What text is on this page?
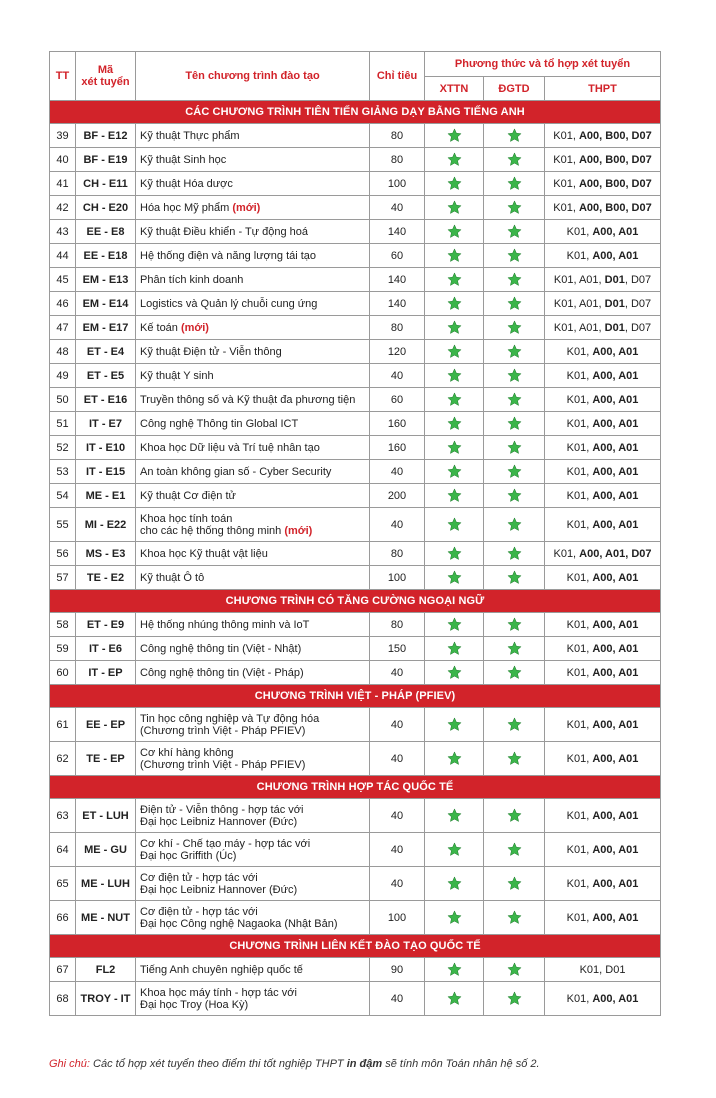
TT	Mã
xét tuyển	Tên chương trình đào tạo	Chỉ tiêu	Phương thức và tổ hợp xét tuyển		
				XTTN	ĐGTD	THPT
CÁC CHƯƠNG TRÌNH TIÊN TIẾN GIẢNG DẠY BẰNG TIẾNG ANH						
39	BF - E12	Kỹ thuật Thực phẩm	80			K01, A00, B00, D07
40	BF - E19	Kỹ thuật Sinh học	80			K01, A00, B00, D07
41	CH - E11	Kỹ thuật Hóa dược	100			K01, A00, B00, D07
42	CH - E20	Hóa học Mỹ phẩm (mới)	40			K01, A00, B00, D07
43	EE - E8	Kỹ thuật Điều khiển - Tự động hoá	140			K01, A00, A01
44	EE - E18	Hệ thống điện và năng lượng tái tạo	60			K01, A00, A01
45	EM - E13	Phân tích kinh doanh	140			K01, A01, D01, D07
46	EM - E14	Logistics và Quản lý chuỗi cung ứng	140			K01, A01, D01, D07
47	EM - E17	Kế toán (mới)	80			K01, A01, D01, D07
48	ET - E4	Kỹ thuật Điện tử - Viễn thông	120			K01, A00, A01
49	ET - E5	Kỹ thuật Y sinh	40			K01, A00, A01
50	ET - E16	Truyền thông số và Kỹ thuật đa phương tiện	60			K01, A00, A01
51	IT - E7	Công nghệ Thông tin Global ICT	160			K01, A00, A01
52	IT - E10	Khoa học Dữ liệu và Trí tuệ nhân tạo	160			K01, A00, A01
53	IT - E15	An toàn không gian số - Cyber Security	40			K01, A00, A01
54	ME - E1	Kỹ thuật Cơ điện tử	200			K01, A00, A01
55	MI - E22	Khoa học tính toán
cho các hệ thống thông minh (mới)	40			K01, A00, A01
56	MS - E3	Khoa học Kỹ thuật vật liệu	80			K01, A00, A01, D07
57	TE - E2	Kỹ thuật Ô tô	100			K01, A00, A01
CHƯƠNG TRÌNH CÓ TĂNG CƯỜNG NGOẠI NGỮ						
58	ET - E9	Hệ thống nhúng thông minh và IoT	80			K01, A00, A01
59	IT - E6	Công nghệ thông tin (Việt - Nhật)	150			K01, A00, A01
60	IT - EP	Công nghệ thông tin (Việt - Pháp)	40			K01, A00, A01
CHƯƠNG TRÌNH VIỆT - PHÁP (PFIEV)						
61	EE - EP	Tin học công nghiệp và Tự động hóa
(Chương trình Việt - Pháp PFIEV)	40			K01, A00, A01
62	TE - EP	Cơ khí hàng không
(Chương trình Việt - Pháp PFIEV)	40			K01, A00, A01
CHƯƠNG TRÌNH HỢP TÁC QUỐC TẾ						
63	ET - LUH	Điện tử - Viễn thông - hợp tác với
Đại học Leibniz Hannover (Đức)	40			K01, A00, A01
64	ME - GU	Cơ khí - Chế tạo máy - hợp tác với
Đại học Griffith (Úc)	40			K01, A00, A01
65	ME - LUH	Cơ điện tử - hợp tác với
Đại học Leibniz Hannover (Đức)	40			K01, A00, A01
66	ME - NUT	Cơ điện tử - hợp tác với
Đại học Công nghệ Nagaoka (Nhật Bản)	100			K01, A00, A01
CHƯƠNG TRÌNH LIÊN KẾT ĐÀO TẠO QUỐC TẾ						
67	FL2	Tiếng Anh chuyên nghiệp quốc tế	90			K01, D01
68	TROY - IT	Khoa học máy tính - hợp tác với
Đại học Troy (Hoa Kỳ)	40			K01, A00, A01
Ghi chú: Các tổ hợp xét tuyển theo điểm thi tốt nghiệp THPT in đậm sẽ tính môn Toán nhân hệ số 2.
